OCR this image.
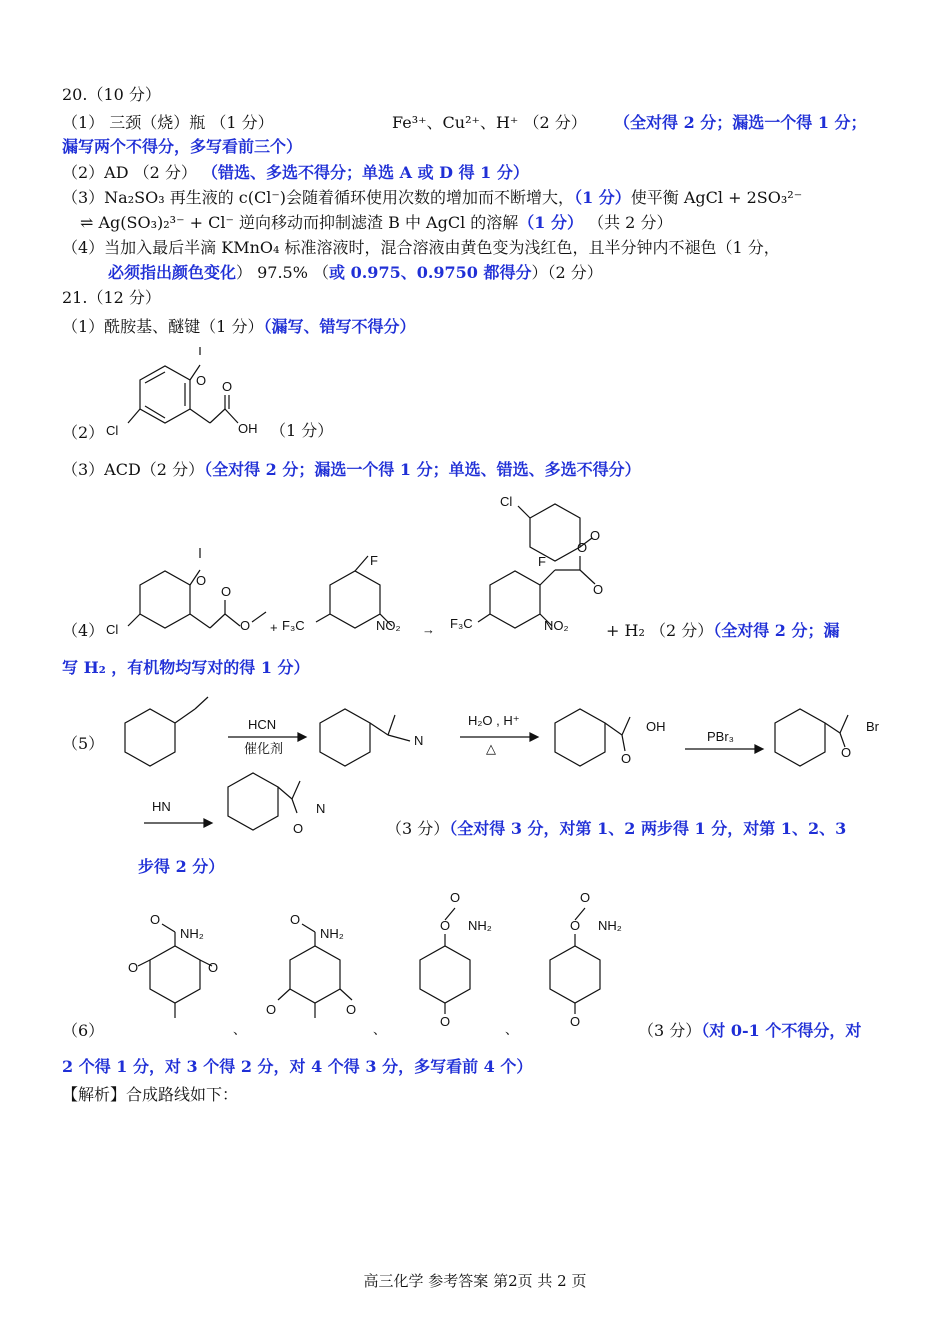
20.（10 分）
（1） 三颈（烧）瓶 （1 分）	Fe³⁺、Cu²⁺、H⁺ （2 分） （全对得 2 分；漏选一个得 1 分；
漏写两个不得分，多写看前三个）
（2）AD （2 分） （错选、多选不得分；单选 A 或 D 得 1 分）
（3）Na₂SO₃ 再生液的 c(Cl⁻)会随着循环使用次数的增加而不断增大，（1 分）使平衡 AgCl + 2SO₃²⁻
⇌ Ag(SO₃)₂³⁻ + Cl⁻ 逆向移动而抑制滤渣 B 中 AgCl 的溶解（1 分） （共 2 分）
（4）当加入最后半滴 KMnO₄ 标准溶液时，混合溶液由黄色变为浅红色，且半分钟内不褪色（1 分，
必须指出颜色变化） 97.5% （或 0.975、0.9750 都得分）（2 分）
21.（12 分）
（1）酰胺基、醚键（1 分）（漏写、错写不得分）
（2）
O
Cl
O
OH （1 分）
（3）ACD（2 分）（全对得 2 分；漏选一个得 1 分；单选、错选、多选不得分）
（4）
O
Cl
O
O +
F
NO₂
F₃C	→ F₃C	NO₂
F
O
O
Cl
O
+ H₂ （2 分）（全对得 2 分；漏
写 H₂ ，有机物均写对的得 1 分）
（5）
HCN
催化剂
N
H₂O , H⁺
△
O
OH
PBr₃
O
Br
HN
O
N
（3 分）（全对得 3 分，对第 1、2 两步得 1 分，对第 1、2、3
步得 2 分）
（6）
O
NH₂
O	O
O
NH₂
O	O
、
O
O
NH₂
O
、
O
O
NH₂
O
、	（3 分）（对 0-1 个不得分，对
2 个得 1 分，对 3 个得 2 分，对 4 个得 3 分，多写看前 4 个）
【解析】合成路线如下：
高三化学 参考答案 第2页 共 2 页
